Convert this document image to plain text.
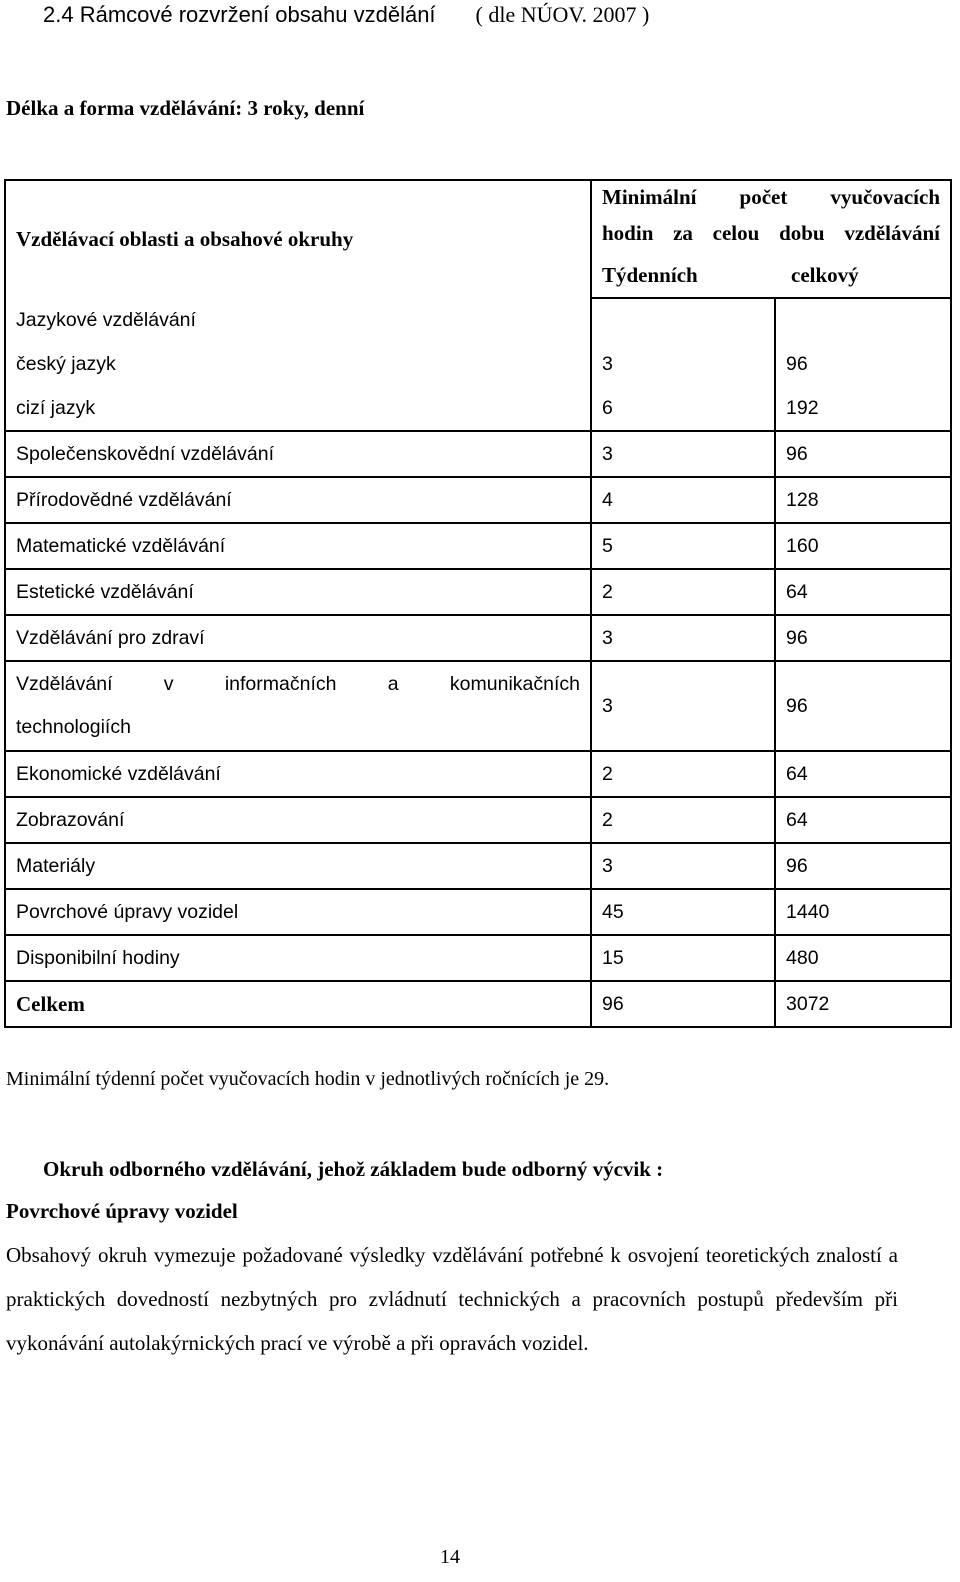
2.4 Rámcové rozvržení obsahu vzdělání ( dle NÚOV. 2007 )
Délka a forma vzdělávání: 3 roky, denní
Vzdělávací oblasti a obsahové okruhy	Minimální počet vyučovacích	

	hodin za celou dobu vzdělávání	

	Týdenních	celkový
Jazykové vzdělávání		
český jazyk	3	96
cizí jazyk	6	192
Společenskovědní vzdělávání	3	96
Přírodovědné vzdělávání	4	128
Matematické vzdělávání	5	160
Estetické vzdělávání	2	64
Vzdělávání pro zdraví	3	96

Vzdělávání v informačních a komunikačních
technologiích	3	96
Ekonomické vzdělávání	2	64
Zobrazování	2	64
Materiály	3	96
Povrchové úpravy vozidel	45	1440
Disponibilní hodiny	15	480
Celkem	96	3072
Minimální týdenní počet vyučovacích hodin v jednotlivých ročnících je 29.
Okruh odborného vzdělávání, jehož základem bude odborný výcvik :
Povrchové úpravy vozidel
Obsahový okruh vymezuje požadované výsledky vzdělávání potřebné k osvojení teoretických znalostí a praktických dovedností nezbytných pro zvládnutí technických a pracovních postupů především při vykonávání autolakýrnických prací ve výrobě a při opravách vozidel.
14
